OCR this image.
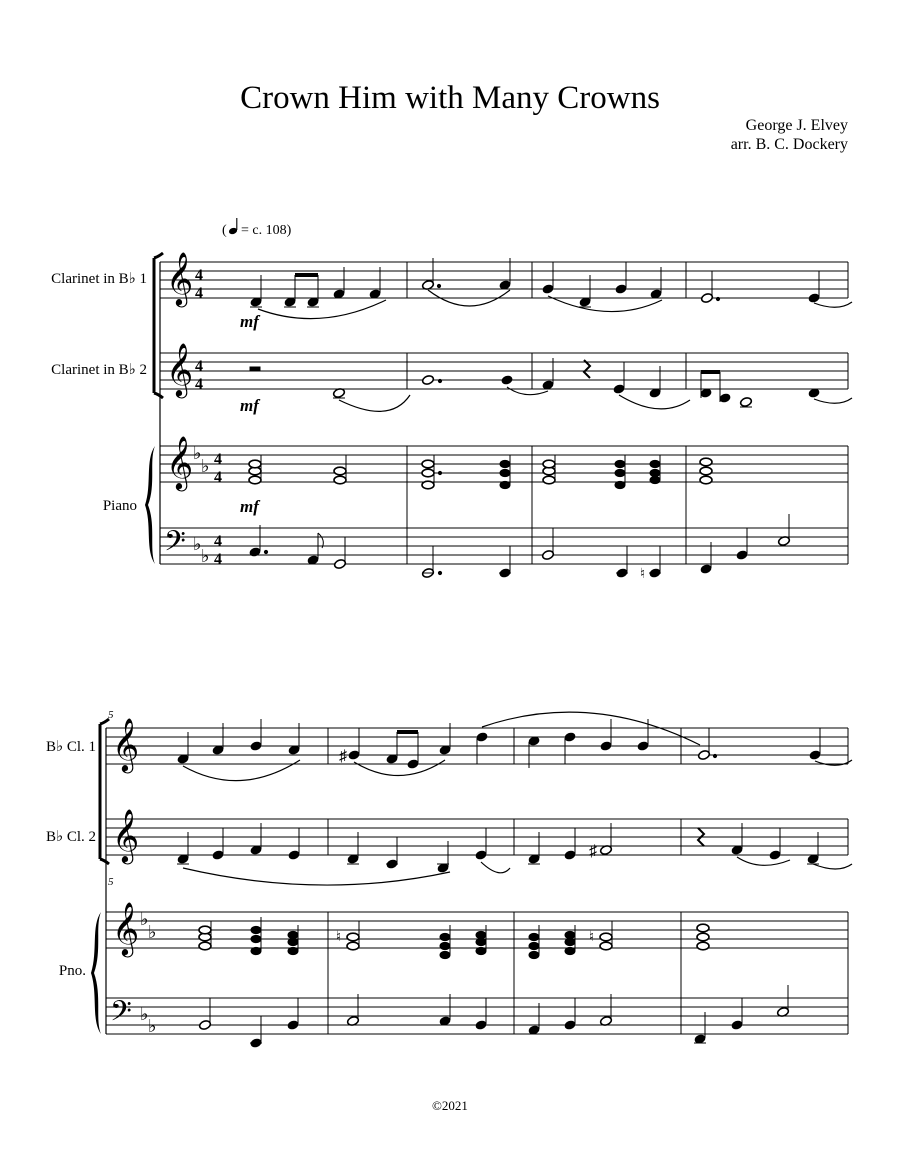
Crown Him with Many Crowns
George J. Elvey
arr. B. C. Dockery
( = c. 108)
Clarinet in B♭ 1
Clarinet in B♭ 2
Piano
𝄞
𝄞
𝄞
𝄢
♭
♭
♭
♭
4
4
4
4
4
4
4
4
mf
mf
mf
♮
5
5
B♭ Cl. 1
B♭ Cl. 2
Pno.
𝄞
𝄞
𝄞
𝄢
♭
♭
♭
♭
♯
♯
♮	♮
©2021
